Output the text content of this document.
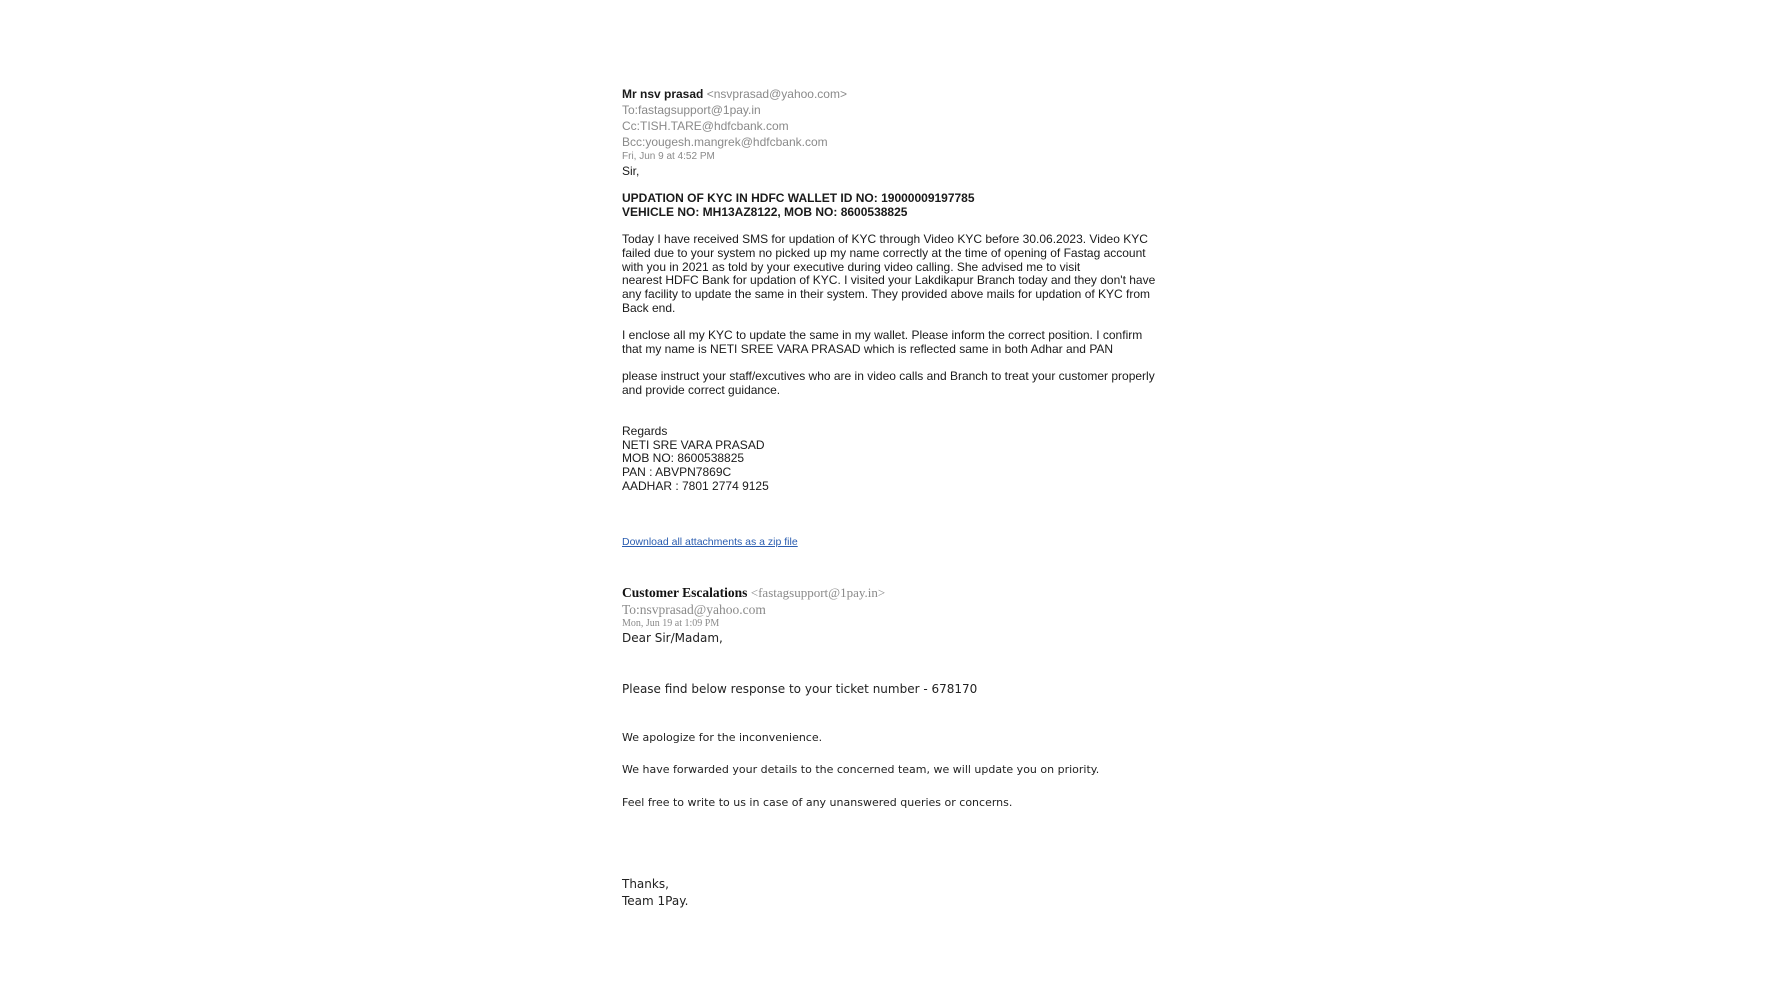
Mr nsv prasad <nsvprasad@yahoo.com>
To:fastagsupport@1pay.in
Cc:TISH.TARE@hdfcbank.com
Bcc:yougesh.mangrek@hdfcbank.com
Fri, Jun 9 at 4:52 PM
Sir,
UPDATION OF KYC IN HDFC WALLET ID NO: 19000009197785
VEHICLE NO: MH13AZ8122, MOB NO: 8600538825
Today I have received SMS for updation of KYC through Video KYC before 30.06.2023. Video KYC
failed due to your system no picked up my name correctly at the time of opening of Fastag account
with you in 2021 as told by your executive during video calling. She advised me to visit
nearest HDFC Bank for updation of KYC. I visited your Lakdikapur Branch today and they don't have
any facility to update the same in their system. They provided above mails for updation of KYC from
Back end.
I enclose all my KYC to update the same in my wallet. Please inform the correct position. I confirm
that my name is NETI SREE VARA PRASAD which is reflected same in both Adhar and PAN
please instruct your staff/excutives who are in video calls and Branch to treat your customer properly
and provide correct guidance.
Regards
NETI SRE VARA PRASAD
MOB NO: 8600538825
PAN : ABVPN7869C
AADHAR : 7801 2774 9125
Download all attachments as a zip file
Customer Escalations <fastagsupport@1pay.in>
To:nsvprasad@yahoo.com
Mon, Jun 19 at 1:09 PM
Dear Sir/Madam,
Please find below response to your ticket number - 678170
We apologize for the inconvenience.
We have forwarded your details to the concerned team, we will update you on priority.
Feel free to write to us in case of any unanswered queries or concerns.
Thanks,
Team 1Pay.
